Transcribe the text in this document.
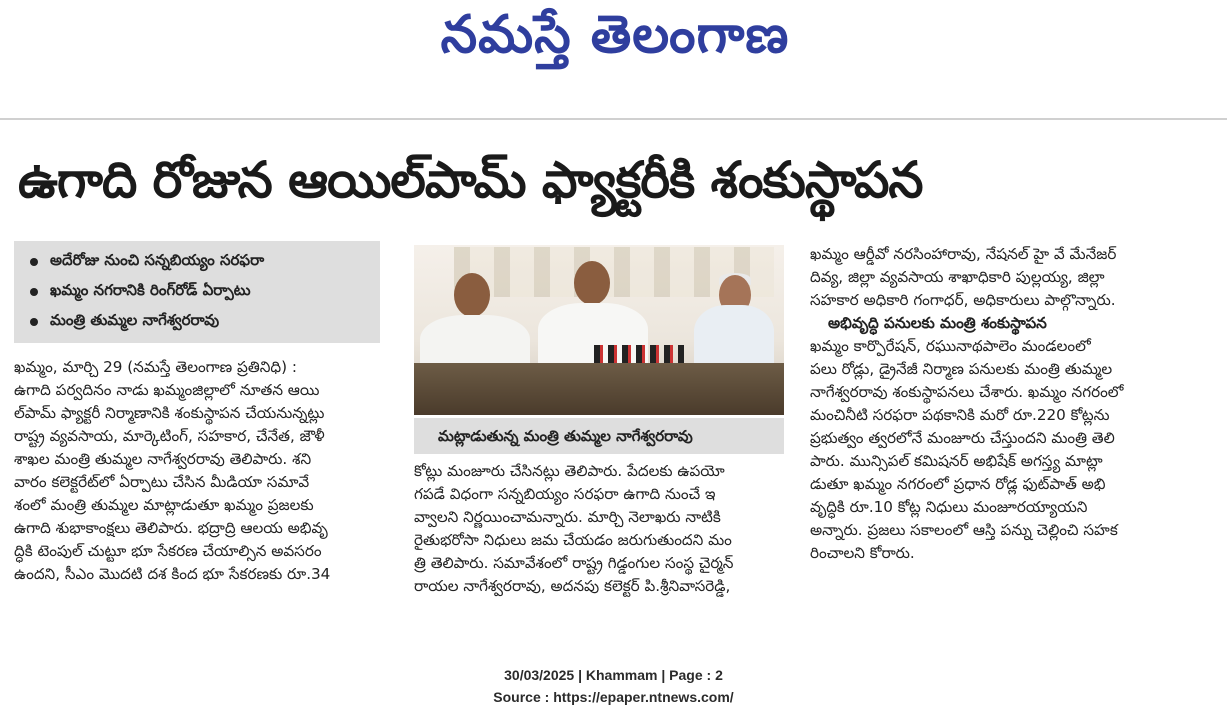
నమస్తే తెలంగాణ
ఉగాది రోజున ఆయిల్‌పామ్ ఫ్యాక్టరీకి శంకుస్థాపన
అదేరోజు నుంచి సన్నబియ్యం సరఫరా
ఖమ్మం నగరానికి రింగ్‌రోడ్ ఏర్పాటు
మంత్రి తుమ్మల నాగేశ్వరరావు

ఖమ్మం, మార్చి 29 (నమస్తే తెలంగాణ ప్రతినిధి) :

ఉగాది పర్వదినం నాడు ఖమ్మంజిల్లాలో నూతన ఆయి

ల్‌పామ్ ఫ్యాక్టరీ నిర్మాణానికి శంకుస్థాపన చేయనున్నట్లు

రాష్ట్ర వ్యవసాయ, మార్కెటింగ్, సహకార, చేనేత, జౌళీ

శాఖల మంత్రి తుమ్మల నాగేశ్వరరావు తెలిపారు. శని

వారం కలెక్టరేట్‌లో ఏర్పాటు చేసిన మీడియా సమావే

శంలో మంత్రి తుమ్మల మాట్లాడుతూ ఖమ్మం ప్రజలకు

ఉగాది శుభాకాంక్షలు తెలిపారు. భద్రాద్రి ఆలయ అభివృ

ద్ధికి టెంపుల్ చుట్టూ భూ సేకరణ చేయాల్సిన అవసరం

ఉందని, సీఎం మొదటి దశ కింద భూ సేకరణకు రూ.34

మట్లాడుతున్న మంత్రి తుమ్మల నాగేశ్వరరావు

కోట్లు మంజూరు చేసినట్లు తెలిపారు. పేదలకు ఉపయో

గపడే విధంగా సన్నబియ్యం సరఫరా ఉగాది నుంచే ఇ

వ్వాలని నిర్ణయించామన్నారు. మార్చి నెలాఖరు నాటికి

రైతుభరోసా నిధులు జమ చేయడం జరుగుతుందని మం

త్రి తెలిపారు. సమావేశంలో రాష్ట్ర గిడ్డంగుల సంస్థ చైర్మన్

రాయల నాగేశ్వరరావు, అదనపు కలెక్టర్ పి.శ్రీనివాసరెడ్డి,

ఖమ్మం ఆర్డీవో నరసింహారావు, నేషనల్ హై వే మేనేజర్

దివ్య, జిల్లా వ్యవసాయ శాఖాధికారి పుల్లయ్య, జిల్లా

సహకార అధికారి గంగాధర్, అధికారులు పాల్గొన్నారు.

అభివృద్ధి పనులకు మంత్రి శంకుస్థాపన

ఖమ్మం కార్పొరేషన్, రఘునాథపాలెం మండలంలో

పలు రోడ్లు, డ్రైనేజీ నిర్మాణ పనులకు మంత్రి తుమ్మల

నాగేశ్వరరావు శంకుస్థాపనలు చేశారు. ఖమ్మం నగరంలో

మంచినీటి సరఫరా పథకానికి మరో రూ.220 కోట్లను

ప్రభుత్వం త్వరలోనే మంజూరు చేస్తుందని మంత్రి తెలి

పారు. మున్సిపల్ కమిషనర్ అభిషేక్ అగస్త్య మాట్లా

డుతూ ఖమ్మం నగరంలో ప్రధాన రోడ్ల ఫుట్‌పాత్ అభి

వృద్ధికి రూ.10 కోట్ల నిధులు మంజూరయ్యాయని

అన్నారు. ప్రజలు సకాలంలో ఆస్తి పన్ను చెల్లించి సహక

రించాలని కోరారు.

30/03/2025 | Khammam | Page : 2
Source : https://epaper.ntnews.com/
